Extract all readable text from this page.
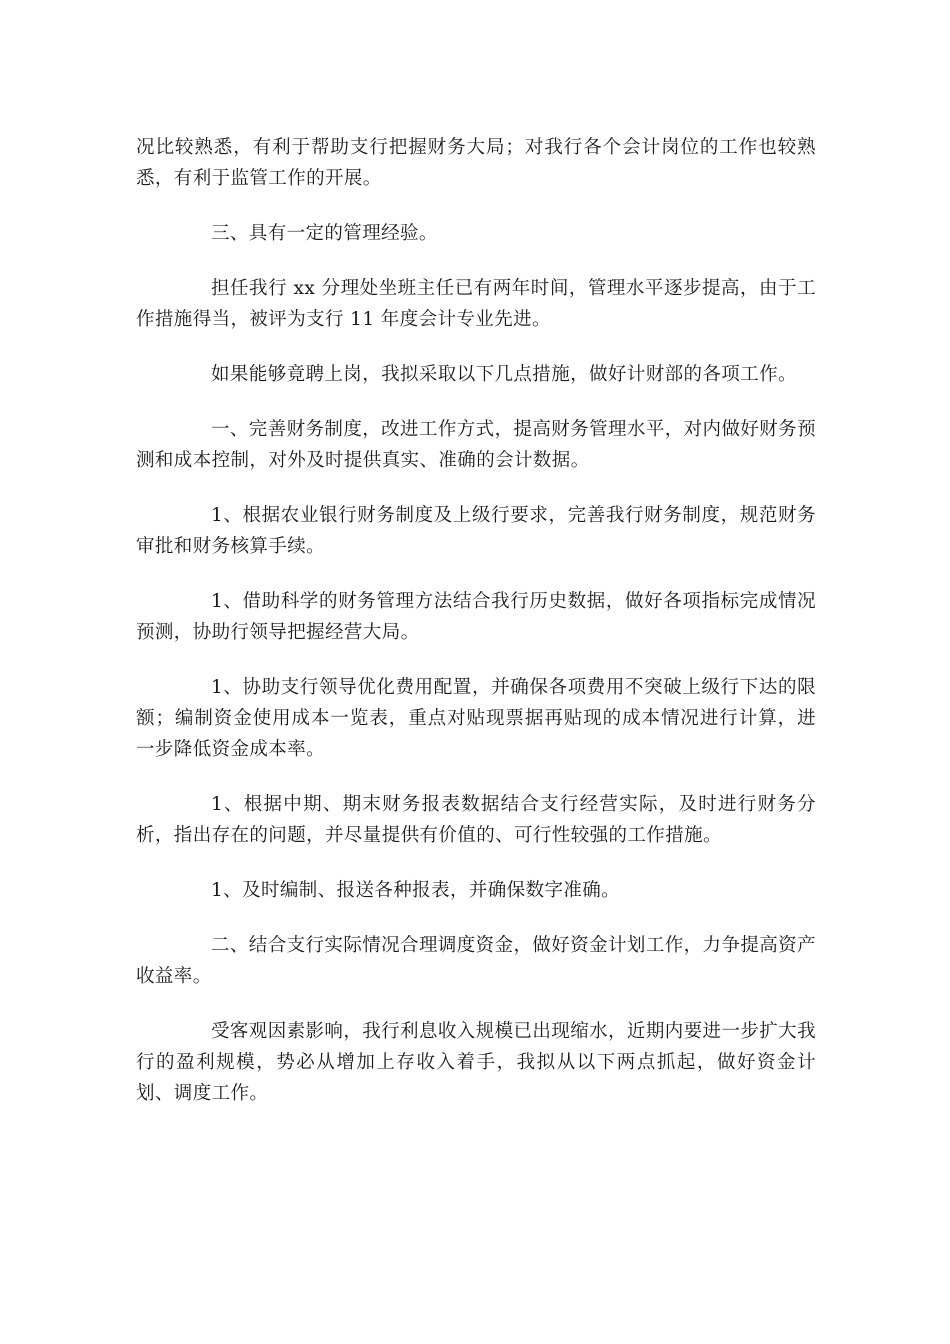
况比较熟悉，有利于帮助支行把握财务大局；对我行各个会计岗位的工作也较熟悉，有利于监管工作的开展。

三、具有一定的管理经验。

担任我行 xx 分理处坐班主任已有两年时间，管理水平逐步提高，由于工作措施得当，被评为支行 11 年度会计专业先进。

如果能够竟聘上岗，我拟采取以下几点措施，做好计财部的各项工作。

一、完善财务制度，改进工作方式，提高财务管理水平，对内做好财务预测和成本控制，对外及时提供真实、准确的会计数据。

1、根据农业银行财务制度及上级行要求，完善我行财务制度，规范财务审批和财务核算手续。

1、借助科学的财务管理方法结合我行历史数据，做好各项指标完成情况预测，协助行领导把握经营大局。

1、协助支行领导优化费用配置，并确保各项费用不突破上级行下达的限额；编制资金使用成本一览表，重点对贴现票据再贴现的成本情况进行计算，进一步降低资金成本率。

1、根据中期、期末财务报表数据结合支行经营实际，及时进行财务分析，指出存在的问题，并尽量提供有价值的、可行性较强的工作措施。

1、及时编制、报送各种报表，并确保数字准确。

二、结合支行实际情况合理调度资金，做好资金计划工作，力争提高资产收益率。

受客观因素影响，我行利息收入规模已出现缩水，近期内要进一步扩大我行的盈利规模，势必从增加上存收入着手，我拟从以下两点抓起，做好资金计划、调度工作。
